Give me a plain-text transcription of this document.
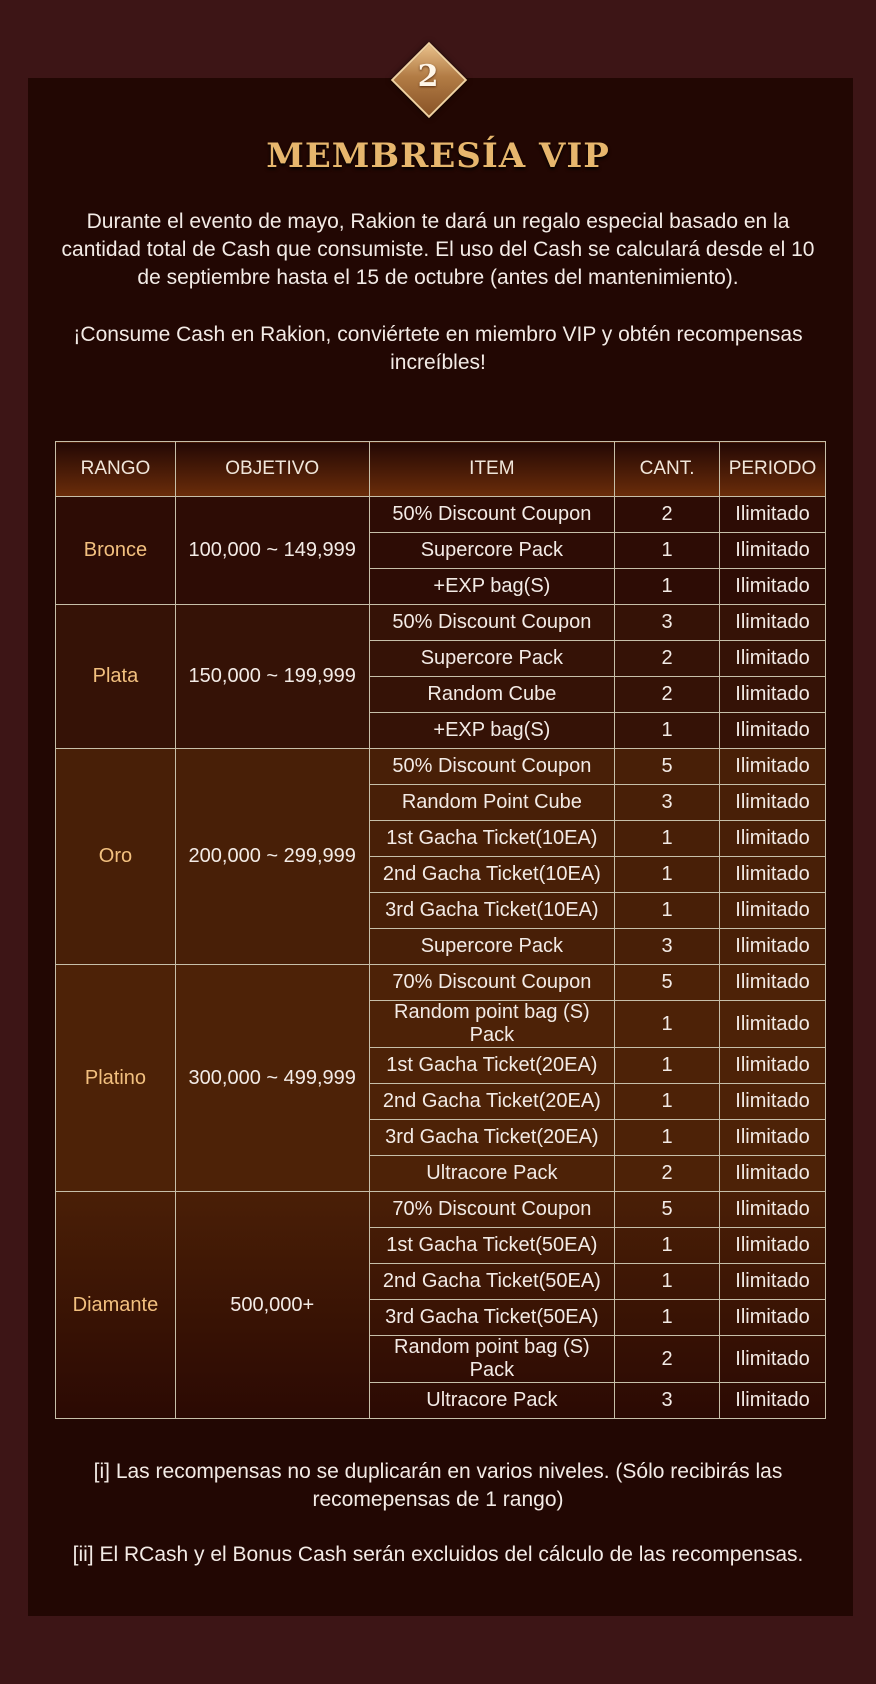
2
MEMBRESÍA VIP

Durante el evento de mayo, Rakion te dará un regalo especial basado en la cantidad total de Cash que consumiste. El uso del Cash se calculará desde el 10 de septiembre hasta el 15 de octubre (antes del mantenimiento).

¡Consume Cash en Rakion, conviértete en miembro VIP y obtén recompensas increíbles!

RANGO	OBJETIVO	ITEM	CANT.	PERIODO
Bronce	100,000 ~ 149,999	50% Discount Coupon	2	Ilimitado
		Supercore Pack	1	Ilimitado
		+EXP bag(S)	1	Ilimitado
Plata	150,000 ~ 199,999	50% Discount Coupon	3	Ilimitado
		Supercore Pack	2	Ilimitado
		Random Cube	2	Ilimitado
		+EXP bag(S)	1	Ilimitado
Oro	200,000 ~ 299,999	50% Discount Coupon	5	Ilimitado
		Random Point Cube	3	Ilimitado
		1st Gacha Ticket(10EA)	1	Ilimitado
		2nd Gacha Ticket(10EA)	1	Ilimitado
		3rd Gacha Ticket(10EA)	1	Ilimitado
		Supercore Pack	3	Ilimitado
Platino	300,000 ~ 499,999	70% Discount Coupon	5	Ilimitado
		Random point bag (S) Pack	1	Ilimitado
		1st Gacha Ticket(20EA)	1	Ilimitado
		2nd Gacha Ticket(20EA)	1	Ilimitado
		3rd Gacha Ticket(20EA)	1	Ilimitado
		Ultracore Pack	2	Ilimitado
Diamante	500,000+	70% Discount Coupon	5	Ilimitado
		1st Gacha Ticket(50EA)	1	Ilimitado
		2nd Gacha Ticket(50EA)	1	Ilimitado
		3rd Gacha Ticket(50EA)	1	Ilimitado
		Random point bag (S) Pack	2	Ilimitado
		Ultracore Pack	3	Ilimitado

[i] Las recompensas no se duplicarán en varios niveles. (Sólo recibirás las recomepensas de 1 rango)

[ii] El RCash y el Bonus Cash serán excluidos del cálculo de las recompensas.
